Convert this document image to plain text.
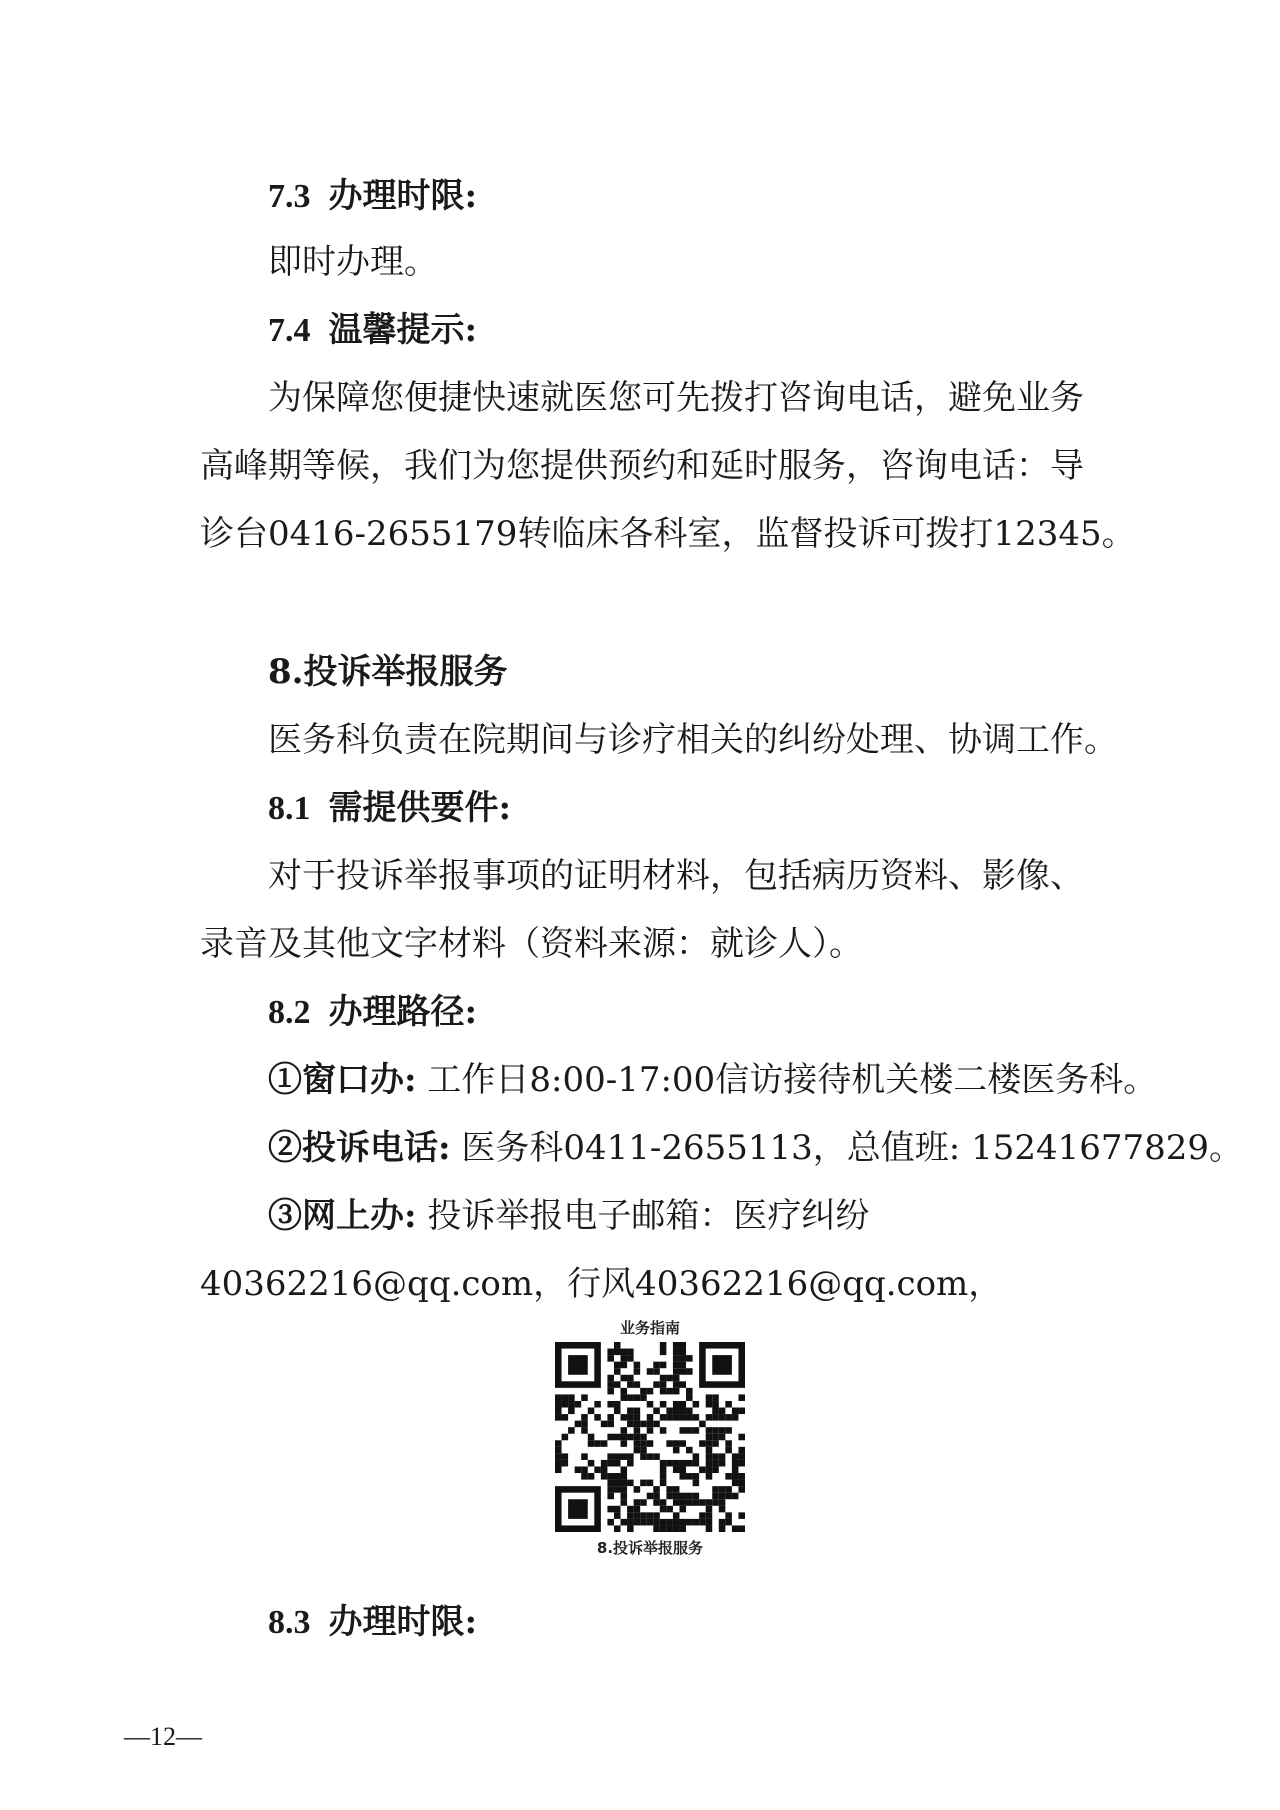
7.3 办理时限:
即时办理。
7.4 温馨提示:
为保障您便捷快速就医您可先拨打咨询电话，避免业务
高峰期等候，我们为您提供预约和延时服务，咨询电话：导
诊台0416-2655179转临床各科室，监督投诉可拨打12345。
8.投诉举报服务
医务科负责在院期间与诊疗相关的纠纷处理、协调工作。
8.1 需提供要件:
对于投诉举报事项的证明材料，包括病历资料、影像、
录音及其他文字材料（资料来源：就诊人）。
8.2 办理路径:
①窗口办: 工作日8:00-17:00信访接待机关楼二楼医务科。
②投诉电话: 医务科0411-2655113，总值班: 15241677829。
③网上办: 投诉举报电子邮箱：医疗纠纷
40362216@qq.com，行风40362216@qq.com，
业务指南
8.投诉举报服务
8.3 办理时限:
—12—
